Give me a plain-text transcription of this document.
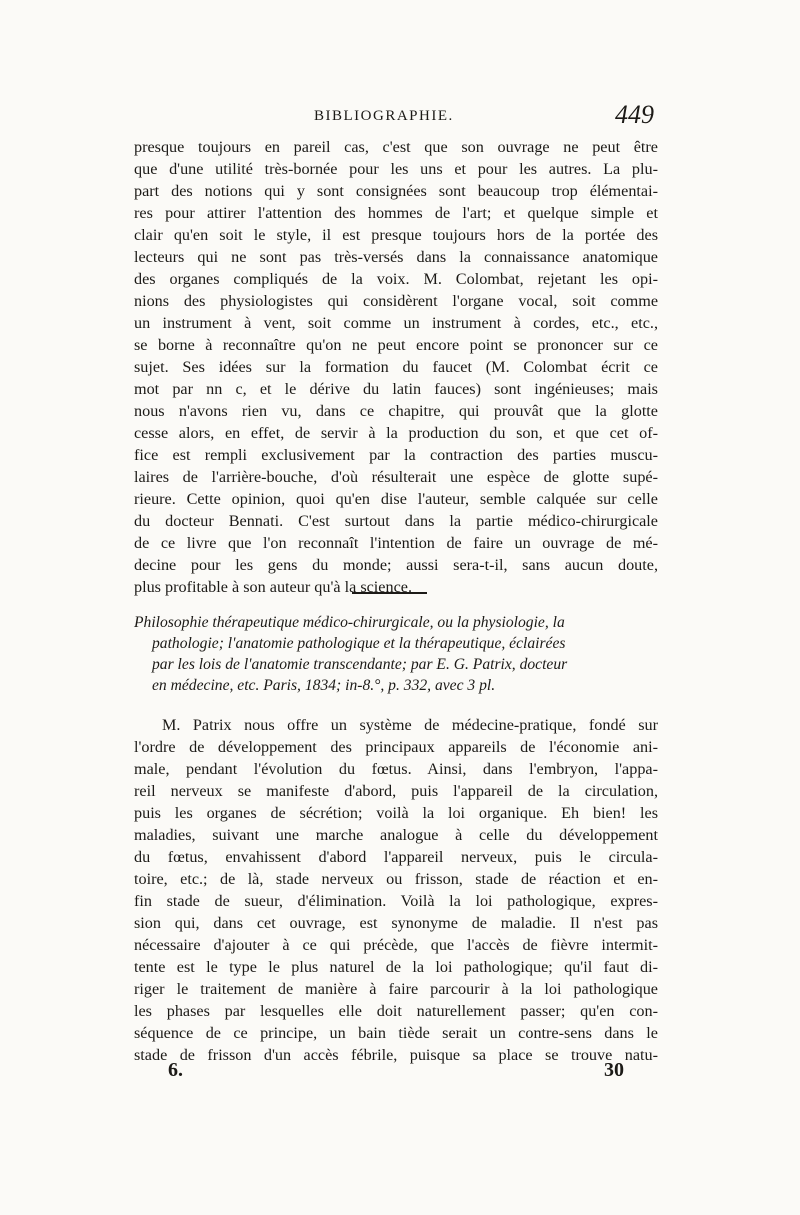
BIBLIOGRAPHIE.	449
presque toujours en pareil cas, c'est que son ouvrage ne peut être
que d'une utilité très-bornée pour les uns et pour les autres. La plu-
part des notions qui y sont consignées sont beaucoup trop élémentai-
res pour attirer l'attention des hommes de l'art; et quelque simple et
clair qu'en soit le style, il est presque toujours hors de la portée des
lecteurs qui ne sont pas très-versés dans la connaissance anatomique
des organes compliqués de la voix. M. Colombat, rejetant les opi-
nions des physiologistes qui considèrent l'organe vocal, soit comme
un instrument à vent, soit comme un instrument à cordes, etc., etc.,
se borne à reconnaître qu'on ne peut encore point se prononcer sur ce
sujet. Ses idées sur la formation du faucet (M. Colombat écrit ce
mot par nn c, et le dérive du latin fauces) sont ingénieuses; mais
nous n'avons rien vu, dans ce chapitre, qui prouvât que la glotte
cesse alors, en effet, de servir à la production du son, et que cet of-
fice est rempli exclusivement par la contraction des parties muscu-
laires de l'arrière-bouche, d'où résulterait une espèce de glotte supé-
rieure. Cette opinion, quoi qu'en dise l'auteur, semble calquée sur celle
du docteur Bennati. C'est surtout dans la partie médico-chirurgicale
de ce livre que l'on reconnaît l'intention de faire un ouvrage de mé-
decine pour les gens du monde; aussi sera-t-il, sans aucun doute,
plus profitable à son auteur qu'à la science.
Philosophie thérapeutique médico-chirurgicale, ou la physiologie, la
pathologie; l'anatomie pathologique et la thérapeutique, éclairées
par les lois de l'anatomie transcendante; par E. G. Patrix, docteur
en médecine, etc. Paris, 1834; in-8.°, p. 332, avec 3 pl.
M. Patrix nous offre un système de médecine-pratique, fondé sur
l'ordre de développement des principaux appareils de l'économie ani-
male, pendant l'évolution du fœtus. Ainsi, dans l'embryon, l'appa-
reil nerveux se manifeste d'abord, puis l'appareil de la circulation,
puis les organes de sécrétion; voilà la loi organique. Eh bien! les
maladies, suivant une marche analogue à celle du développement
du fœtus, envahissent d'abord l'appareil nerveux, puis le circula-
toire, etc.; de là, stade nerveux ou frisson, stade de réaction et en-
fin stade de sueur, d'élimination. Voilà la loi pathologique, expres-
sion qui, dans cet ouvrage, est synonyme de maladie. Il n'est pas
nécessaire d'ajouter à ce qui précède, que l'accès de fièvre intermit-
tente est le type le plus naturel de la loi pathologique; qu'il faut di-
riger le traitement de manière à faire parcourir à la loi pathologique
les phases par lesquelles elle doit naturellement passer; qu'en con-
séquence de ce principe, un bain tiède serait un contre-sens dans le
stade de frisson d'un accès fébrile, puisque sa place se trouve natu-
6.	30
